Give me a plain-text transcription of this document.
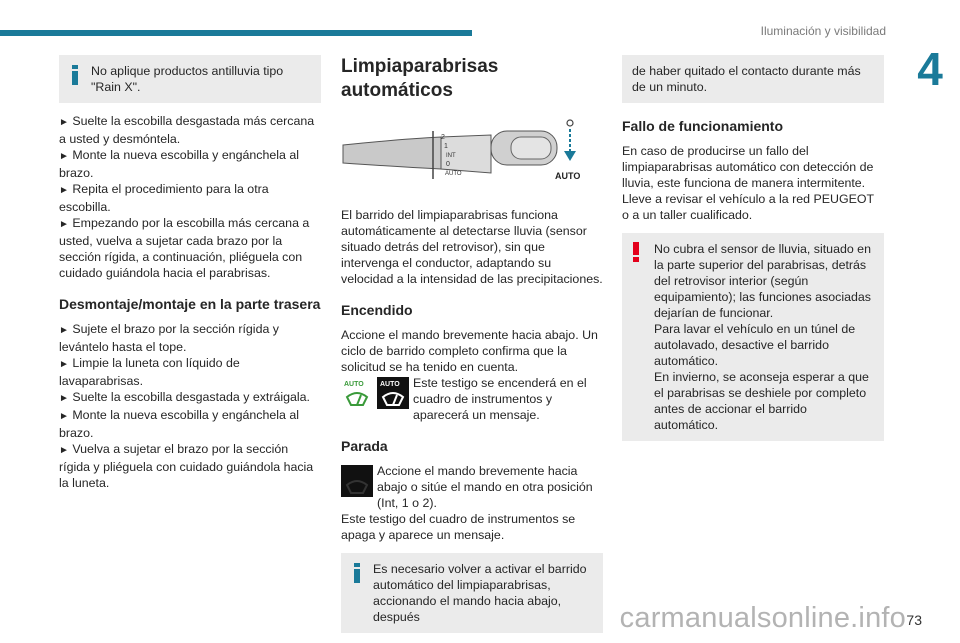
Iluminación y visibilidad
4
No aplique productos antilluvia tipo "Rain X".

► Suelte la escobilla desgastada más cercana a usted y desmóntela.

► Monte la nueva escobilla y engánchela al brazo.

► Repita el procedimiento para la otra escobilla.

► Empezando por la escobilla más cercana a usted, vuelva a sujetar cada brazo por la sección rígida, a continuación, pliéguela con cuidado guiándola hacia el parabrisas.

Desmontaje/montaje en la parte trasera

► Sujete el brazo por la sección rígida y levántelo hasta el tope.

► Limpie la luneta con líquido de lavaparabrisas.

► Suelte la escobilla desgastada y extráigala.

► Monte la nueva escobilla y engánchela al brazo.

► Vuelva a sujetar el brazo por la sección rígida y pliéguela con cuidado guiándola hacia la luneta.

Limpiaparabrisas automáticos
2
1
INT
0
AUTO	AUTO

El barrido del limpiaparabrisas funciona automáticamente al detectarse lluvia (sensor situado detrás del retrovisor), sin que intervenga el conductor, adaptando su velocidad a la intensidad de las precipitaciones.

Encendido

Accione el mando brevemente hacia abajo. Un ciclo de barrido completo confirma que la solicitud se ha tenido en cuenta.

AUTO AUTO	Este testigo se encenderá en el cuadro de instrumentos y aparecerá un mensaje.

Parada

Accione el mando brevemente hacia abajo o sitúe el mando en otra posición (Int, 1 o 2).

Este testigo del cuadro de instrumentos se apaga y aparece un mensaje.

Es necesario volver a activar el barrido automático del limpiaparabrisas, accionando el mando hacia abajo, después
de haber quitado el contacto durante más de un minuto.
Fallo de funcionamiento

En caso de producirse un fallo del limpiaparabrisas automático con detección de lluvia, este funciona de manera intermitente. Lleve a revisar el vehículo a la red PEUGEOT o a un taller cualificado.

No cubra el sensor de lluvia, situado en la parte superior del parabrisas, detrás del retrovisor interior (según equipamiento); las funciones asociadas dejarían de funcionar.

Para lavar el vehículo en un túnel de autolavado, desactive el barrido automático.

En invierno, se aconseja esperar a que el parabrisas se deshiele por completo antes de accionar el barrido automático.

carmanualsonline.info 73
